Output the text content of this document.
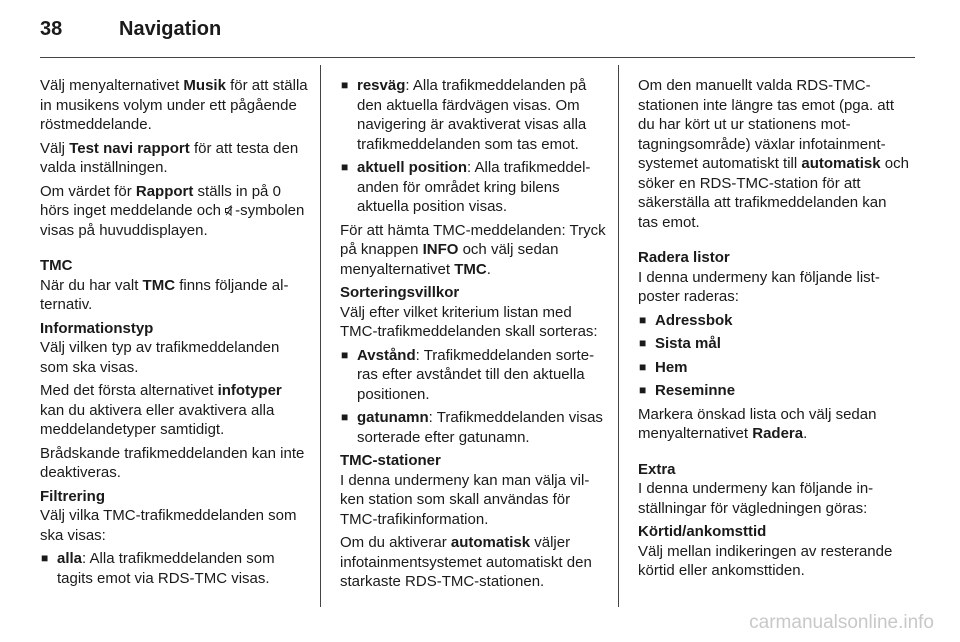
38	Navigation

Välj menyalternativet Musik för att ställa in musikens volym under ett pågående röstmeddelande.

Välj Test navi rapport för att testa den valda inställningen.

Om värdet för Rapport ställs in på 0 hörs inget meddelande och -symbolen visas på huvuddisplayen.

TMC

När du har valt TMC finns följande alternativ.

Informationstyp

Välj vilken typ av trafikmeddelanden som ska visas.

Med det första alternativet infotyper kan du aktivera eller avaktivera alla meddelandetyper samtidigt.

Brådskande trafikmeddelanden kan inte deaktiveras.

Filtrering

Välj vilka TMC-trafikmeddelanden som ska visas:

■ alla: Alla trafikmeddelanden som tagits emot via RDS-TMC visas.
■ resväg: Alla trafikmeddelanden på den aktuella färdvägen visas. Om navigering är avaktiverat visas alla trafikmeddelanden som tas emot.
■ aktuell position: Alla trafikmeddelanden för området kring bilens aktuella position visas.

För att hämta TMC-meddelanden: Tryck på knappen INFO och välj sedan menyalternativet TMC.

Sorteringsvillkor

Välj efter vilket kriterium listan med TMC-trafikmeddelanden skall sorteras:

■ Avstånd: Trafikmeddelanden sorteras efter avståndet till den aktuella positionen.
■ gatunamn: Trafikmeddelanden visas sorterade efter gatunamn.

TMC-stationer

I denna undermeny kan man välja vilken station som skall användas för TMC-trafikinformation.

Om du aktiverar automatisk väljer infotainmentsystemet automatiskt den starkaste RDS-TMC-stationen.

Om den manuellt valda RDS-TMC-stationen inte längre tas emot (pga. att du har kört ut ur stationens mottagningsområde) växlar infotainmentsystemet automatiskt till automatisk och söker en RDS-TMC-station för att säkerställa att trafikmeddelanden kan tas emot.

Radera listor

I denna undermeny kan följande listposter raderas:

■ Adressbok
■ Sista mål
■ Hem
■ Reseminne

Markera önskad lista och välj sedan menyalternativet Radera.

Extra

I denna undermeny kan följande inställningar för vägledningen göras:

Körtid/ankomsttid

Välj mellan indikeringen av resterande körtid eller ankomsttiden.

carmanualsonline.info
